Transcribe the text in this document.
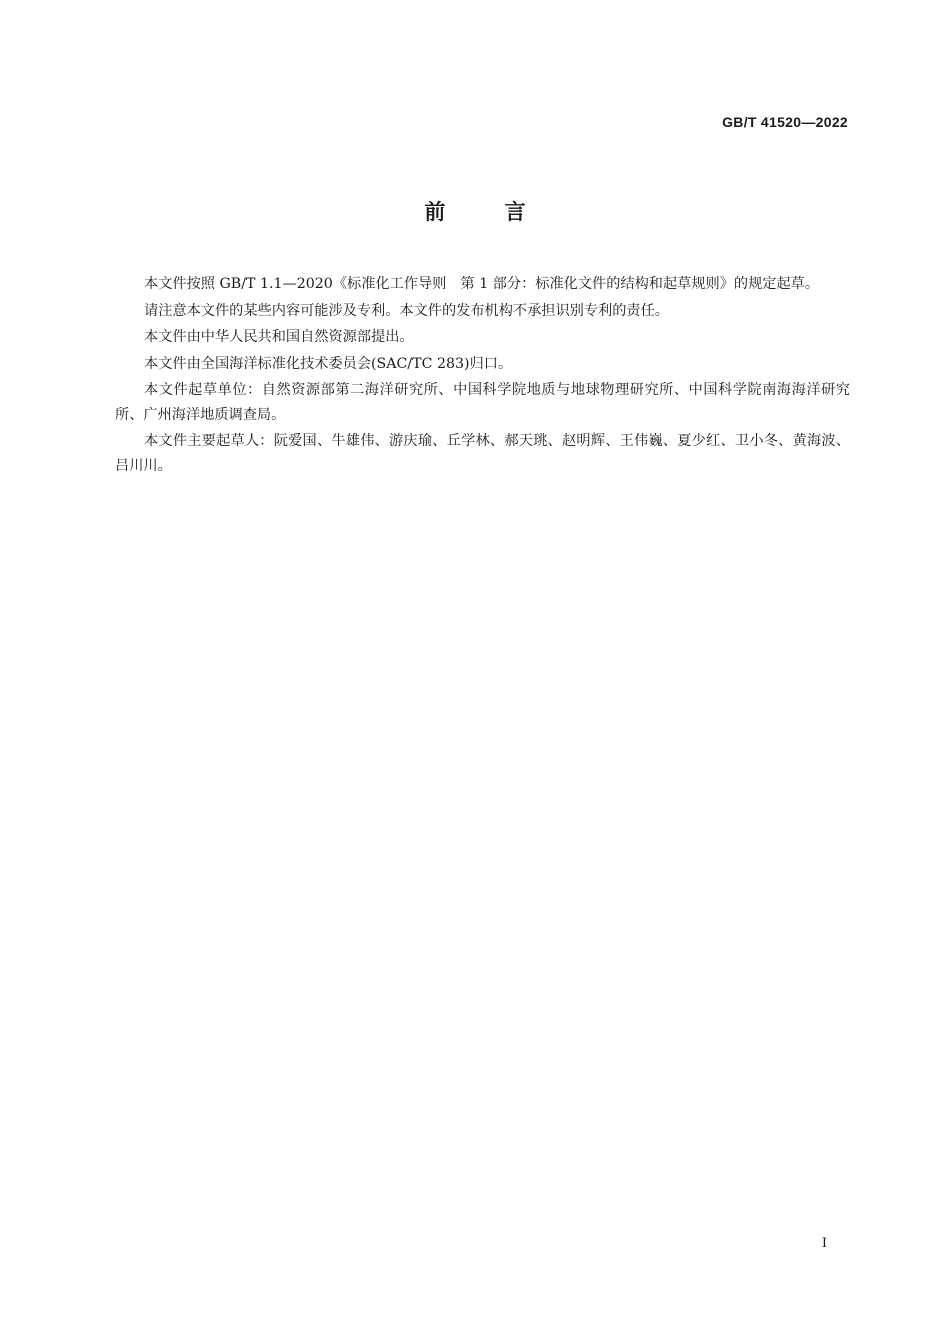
GB/T 41520—2022

前 言

本文件按照 GB/T 1.1—2020《标准化工作导则　第 1 部分：标准化文件的结构和起草规则》的规定起草。

请注意本文件的某些内容可能涉及专利。本文件的发布机构不承担识别专利的责任。

本文件由中华人民共和国自然资源部提出。

本文件由全国海洋标准化技术委员会(SAC/TC 283)归口。

本文件起草单位：自然资源部第二海洋研究所、中国科学院地质与地球物理研究所、中国科学院南海海洋研究所、广州海洋地质调查局。

本文件主要起草人：阮爱国、牛雄伟、游庆瑜、丘学林、郝天珧、赵明辉、王伟巍、夏少红、卫小冬、黄海波、吕川川。

I
